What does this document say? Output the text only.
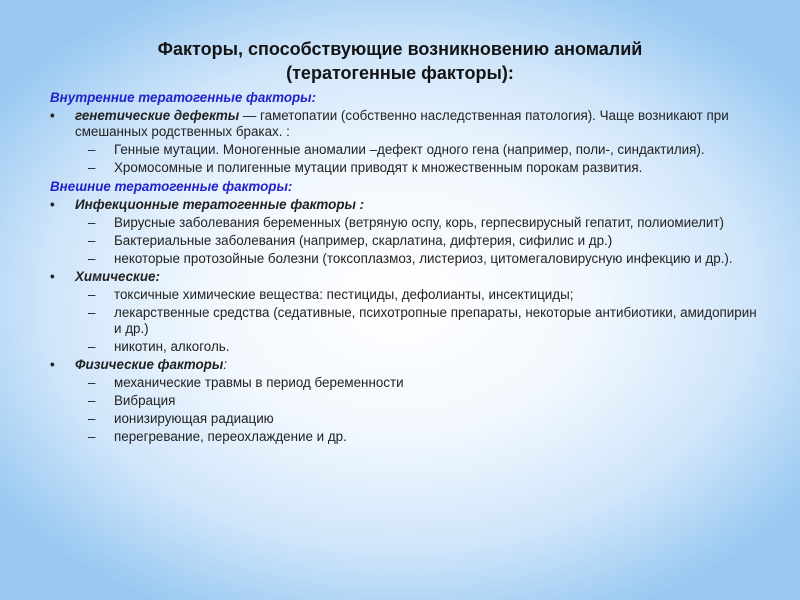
Факторы, способствующие возникновению аномалий
(тератогенные факторы):
Внутренние тератогенные факторы:
• генетические дефекты — гаметопатии (собственно наследственная патология). Чаще возникают при смешанных родственных браках. :
– Генные мутации. Моногенные аномалии –дефект одного гена (например, поли-, синдактилия).
– Хромосомные и полигенные мутации приводят к множественным порокам развития.
Внешние тератогенные факторы:
• Инфекционные тератогенные факторы :
– Вирусные заболевания беременных (ветряную оспу, корь, герпесвирусный гепатит, полиомиелит)
– Бактериальные заболевания (например, скарлатина, дифтерия, сифилис и др.)
– некоторые протозойные болезни (токсоплазмоз, листериоз, цитомегаловирусную инфекцию и др.).
• Химические:
– токсичные химические вещества: пестициды, дефолианты, инсектициды;
– лекарственные средства (седативные, психотропные препараты, некоторые антибиотики, амидопирин и др.)
– никотин, алкоголь.
• Физические факторы:
– механические травмы в период беременности
– Вибрация
– ионизирующая радиацию
– перегревание, переохлаждение и др.
